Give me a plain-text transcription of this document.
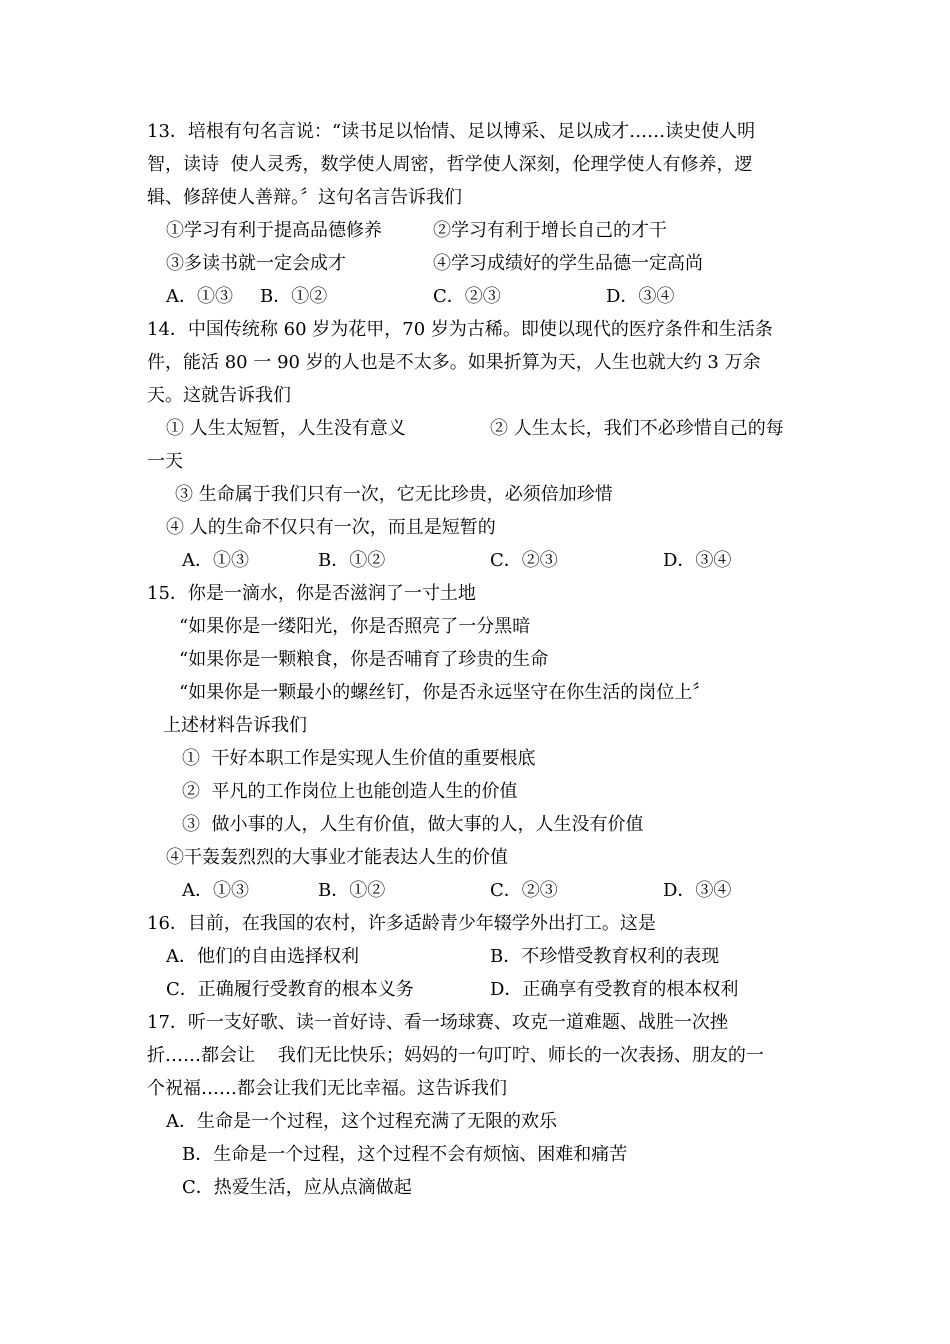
13．培根有句名言说：“读书足以怡情、足以博采、足以成才……读史使人明
智，读诗  使人灵秀，数学使人周密，哲学使人深刻，伦理学使人有修养，逻
辑、修辞使人善辩。〞这句名言告诉我们
①学习有利于提高品德修养	②学习有利于增长自己的才干
③多读书就一定会成才	④学习成绩好的学生品德一定高尚
A．①③ B．①②	C．②③	D．③④
14．中国传统称 60 岁为花甲，70 岁为古稀。即使以现代的医疗条件和生活条
件，能活 80 一 90 岁的人也是不太多。如果折算为天，人生也就大约 3 万余
天。这就告诉我们
① 人生太短暂，人生没有意义	② 人生太长，我们不必珍惜自己的每
一天
③ 生命属于我们只有一次，它无比珍贵，必须倍加珍惜
④ 人的生命不仅只有一次，而且是短暂的
A．①③	B．①②	C．②③	D．③④
15．你是一滴水，你是否滋润了一寸土地
“如果你是一缕阳光，你是否照亮了一分黑暗
“如果你是一颗粮食，你是否哺育了珍贵的生命
“如果你是一颗最小的螺丝钉，你是否永远坚守在你生活的岗位上〞
上述材料告诉我们
①  干好本职工作是实现人生价值的重要根底
②  平凡的工作岗位上也能创造人生的价值
③  做小事的人，人生有价值，做大事的人，人生没有价值
④干轰轰烈烈的大事业才能表达人生的价值
A．①③	B．①②	C．②③	D．③④
16．目前，在我国的农村，许多适龄青少年辍学外出打工。这是
A．他们的自由选择权利	B．不珍惜受教育权利的表现
C．正确履行受教育的根本义务	D．正确享有受教育的根本权利
17．听一支好歌、读一首好诗、看一场球赛、攻克一道难题、战胜一次挫
折……都会让    我们无比快乐；妈妈的一句叮咛、师长的一次表扬、朋友的一
个祝福……都会让我们无比幸福。这告诉我们
A．生命是一个过程，这个过程充满了无限的欢乐
B．生命是一个过程，这个过程不会有烦恼、困难和痛苦
C．热爱生活，应从点滴做起
